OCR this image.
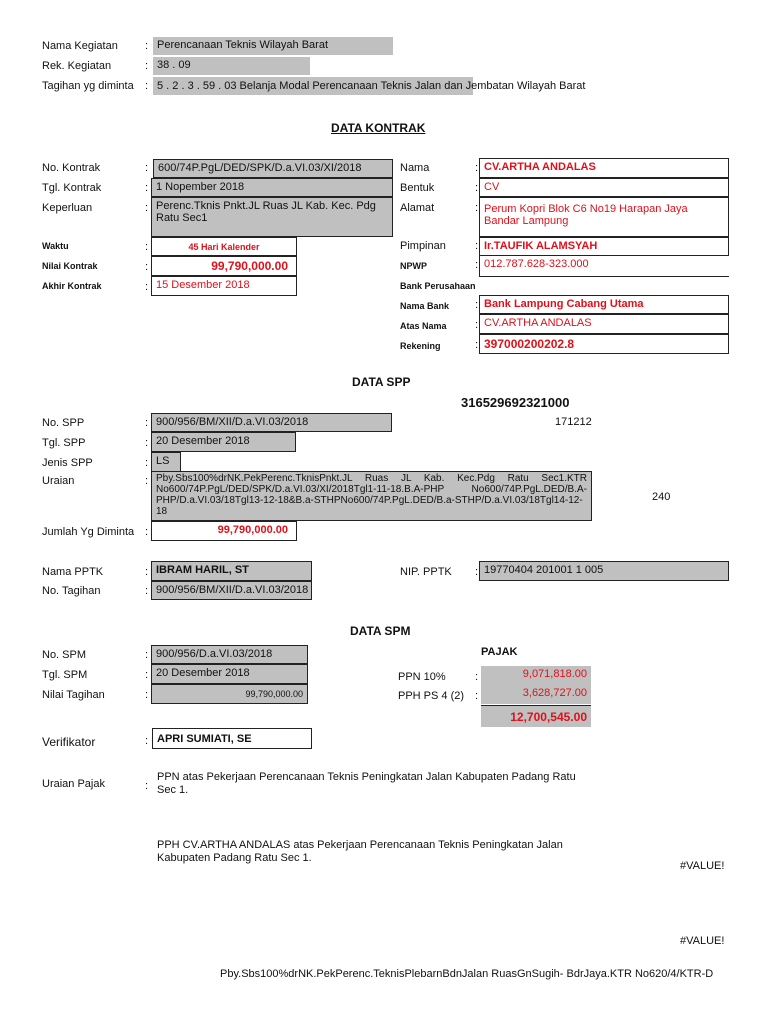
Nama Kegiatan : Perencanaan Teknis Wilayah Barat
Rek. Kegiatan	: 38 . 09
Tagihan yg diminta : 5 . 2 . 3 . 59 . 03 Belanja Modal Perencanaan Teknis Jalan dan Jembatan Wilayah Barat
DATA KONTRAK
No. Kontrak	: 600/74P.PgL/DED/SPK/D.a.VI.03/XI/2018
Tgl. Kontrak	: 1 Nopember 2018
Keperluan	: Perenc.Tknis Pnkt.JL Ruas JL Kab. Kec. Pdg Ratu Sec1
Waktu	:	45 Hari Kalender
Nilai Kontrak	:	99,790,000.00
Akhir Kontrak	: 15 Desember 2018
Nama	: CV.ARTHA ANDALAS
Bentuk	: CV
Alamat	: Perum Kopri Blok C6 No19 Harapan Jaya Bandar Lampung
Pimpinan	: Ir.TAUFIK ALAMSYAH
NPWP	: 012.787.628-323.000
Bank Perusahaan
Nama Bank : Bank Lampung Cabang Utama
Atas Nama	: CV.ARTHA ANDALAS
Rekening	: 397000200202.8
DATA SPP
316529692321000
171212
No. SPP	: 900/956/BM/XII/D.a.VI.03/2018
Tgl. SPP	: 20 Desember 2018
Jenis SPP	: LS
Uraian	: Pby.Sbs100%drNK.PekPerenc.TknisPnkt.JL Ruas JL Kab. Kec.Pdg Ratu Sec1.KTR No600/74P.PgL/DED/SPK/D.a.VI.03/XI/2018Tgl1-11-18.B.A-PHP No600/74P.PgL.DED/B.A-PHP/D.a.VI.03/18Tgl13-12-18&B.a-STHPNo600/74P.PgL.DED/B.a-STHP/D.a.VI.03/18Tgl14-12-18
240
Jumlah Yg Diminta :	99,790,000.00
Nama PPTK	: IBRAM HARIL, ST	NIP. PPTK : 19770404 201001 1 005
No. Tagihan	: 900/956/BM/XII/D.a.VI.03/2018
DATA SPM
PAJAK
No. SPM	: 900/956/D.a.VI.03/2018
Tgl. SPM	: 20 Desember 2018
Nilai Tagihan	:	99,790,000.00
PPN 10%	:	9,071,818.00
PPH PS 4 (2) :	3,628,727.00
12,700,545.00
Verifikator	: APRI SUMIATI, SE
Uraian Pajak	:
PPN atas Pekerjaan Perencanaan Teknis Peningkatan Jalan Kabupaten Padang Ratu Sec 1.
PPH CV.ARTHA ANDALAS atas Pekerjaan Perencanaan Teknis Peningkatan Jalan Kabupaten Padang Ratu Sec 1.
#VALUE!
#VALUE!
Pby.Sbs100%drNK.PekPerenc.TeknisPlebarnBdnJalan RuasGnSugih- BdrJaya.KTR No620/4/KTR-D
